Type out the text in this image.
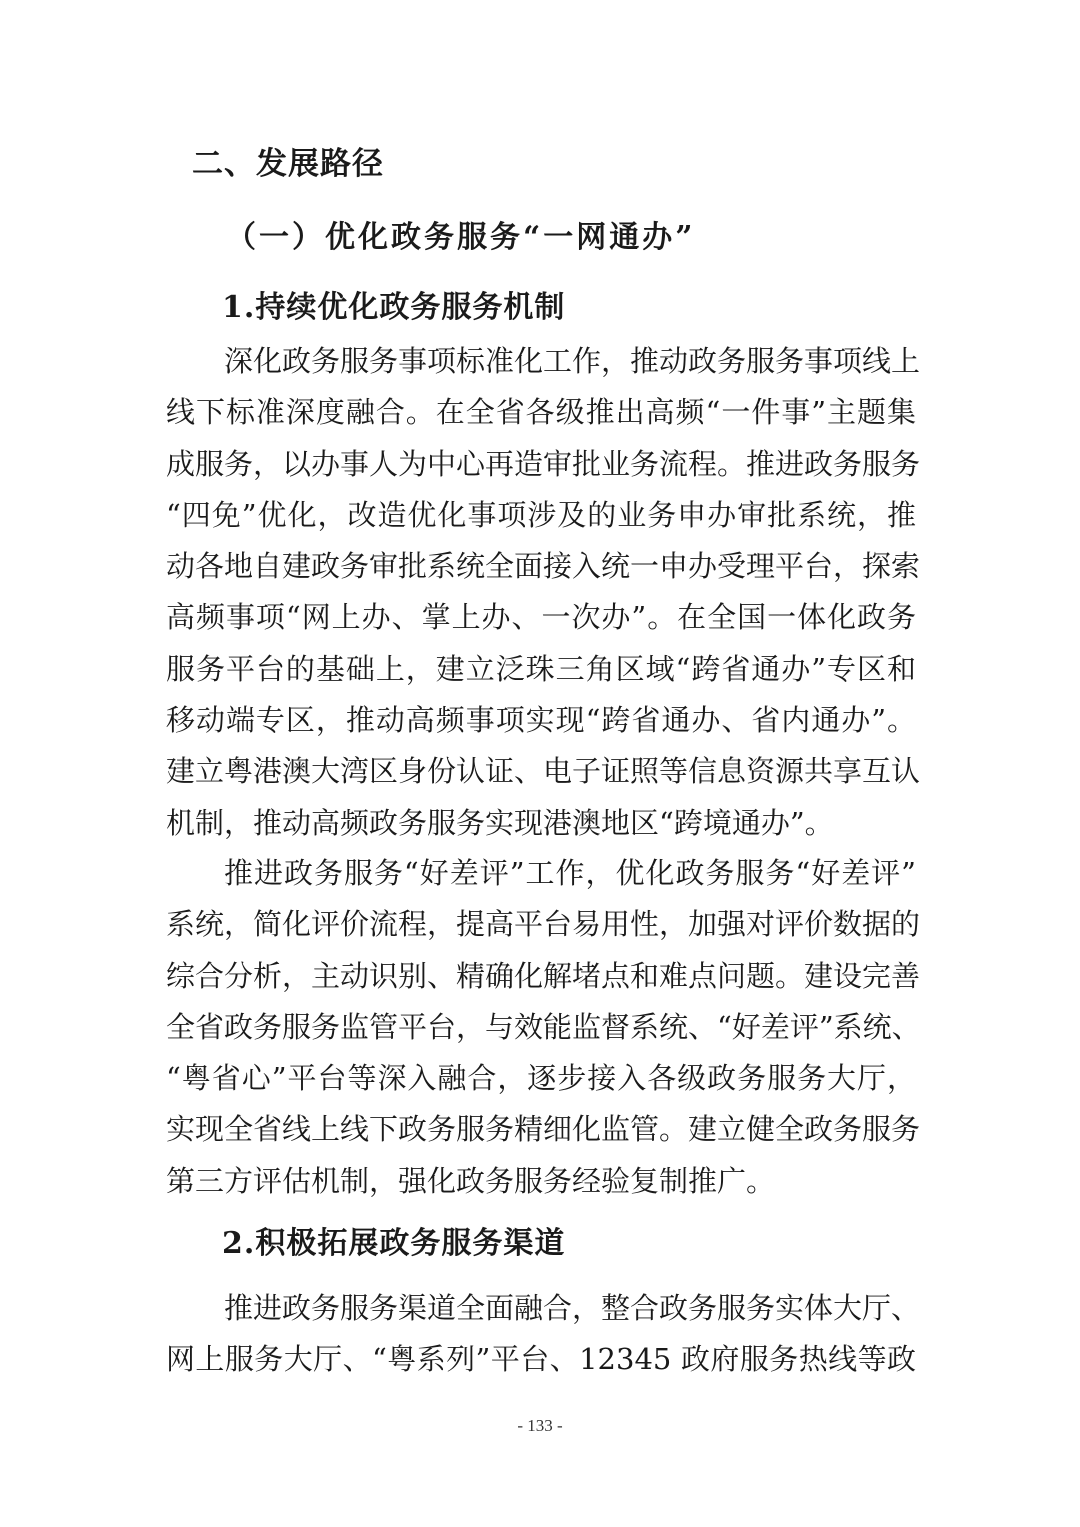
二、发展路径
（一）优化政务服务“一网通办”
1.持续优化政务服务机制
深化政务服务事项标准化工作，推动政务服务事项线上
线下标准深度融合。在全省各级推出高频“一件事”主题集
成服务，以办事人为中心再造审批业务流程。推进政务服务
“四免”优化，改造优化事项涉及的业务申办审批系统，推
动各地自建政务审批系统全面接入统一申办受理平台，探索
高频事项“网上办、掌上办、一次办”。在全国一体化政务
服务平台的基础上，建立泛珠三角区域“跨省通办”专区和
移动端专区，推动高频事项实现“跨省通办、省内通办”。
建立粤港澳大湾区身份认证、电子证照等信息资源共享互认
机制，推动高频政务服务实现港澳地区“跨境通办”。
推进政务服务“好差评”工作，优化政务服务“好差评”
系统，简化评价流程，提高平台易用性，加强对评价数据的
综合分析，主动识别、精确化解堵点和难点问题。建设完善
全省政务服务监管平台，与效能监督系统、“好差评”系统、
“粤省心”平台等深入融合，逐步接入各级政务服务大厅，
实现全省线上线下政务服务精细化监管。建立健全政务服务
第三方评估机制，强化政务服务经验复制推广。
2.积极拓展政务服务渠道
推进政务服务渠道全面融合，整合政务服务实体大厅、
网上服务大厅、“粤系列”平台、12345 政府服务热线等政
- 133 -
